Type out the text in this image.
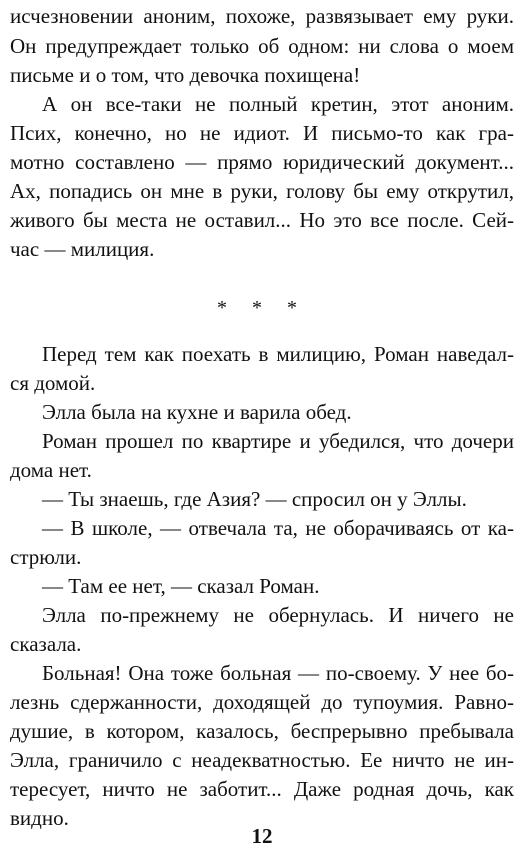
исчезновении аноним, похоже, развязывает ему руки.
Он предупреждает только об одном: ни слова о моем
письме и о том, что девочка похищена!
А он все-таки не полный кретин, этот аноним.
Псих, конечно, но не идиот. И письмо-то как гра-
мотно составлено — прямо юридический документ...
Ах, попадись он мне в руки, голову бы ему открутил,
живого бы места не оставил... Но это все после. Сей-
час — милиция.
* * *
Перед тем как поехать в милицию, Роман наведал-
ся домой.
Элла была на кухне и варила обед.
Роман прошел по квартире и убедился, что дочери
дома нет.
— Ты знаешь, где Азия? — спросил он у Эллы.
— В школе, — отвечала та, не оборачиваясь от ка-
стрюли.
— Там ее нет, — сказал Роман.
Элла по-прежнему не обернулась. И ничего не
сказала.
Больная! Она тоже больная — по-своему. У нее бо-
лезнь сдержанности, доходящей до тупоумия. Равно-
душие, в котором, казалось, беспрерывно пребывала
Элла, граничило с неадекватностью. Ее ничто не ин-
тересует, ничто не заботит... Даже родная дочь, как
видно.
12
